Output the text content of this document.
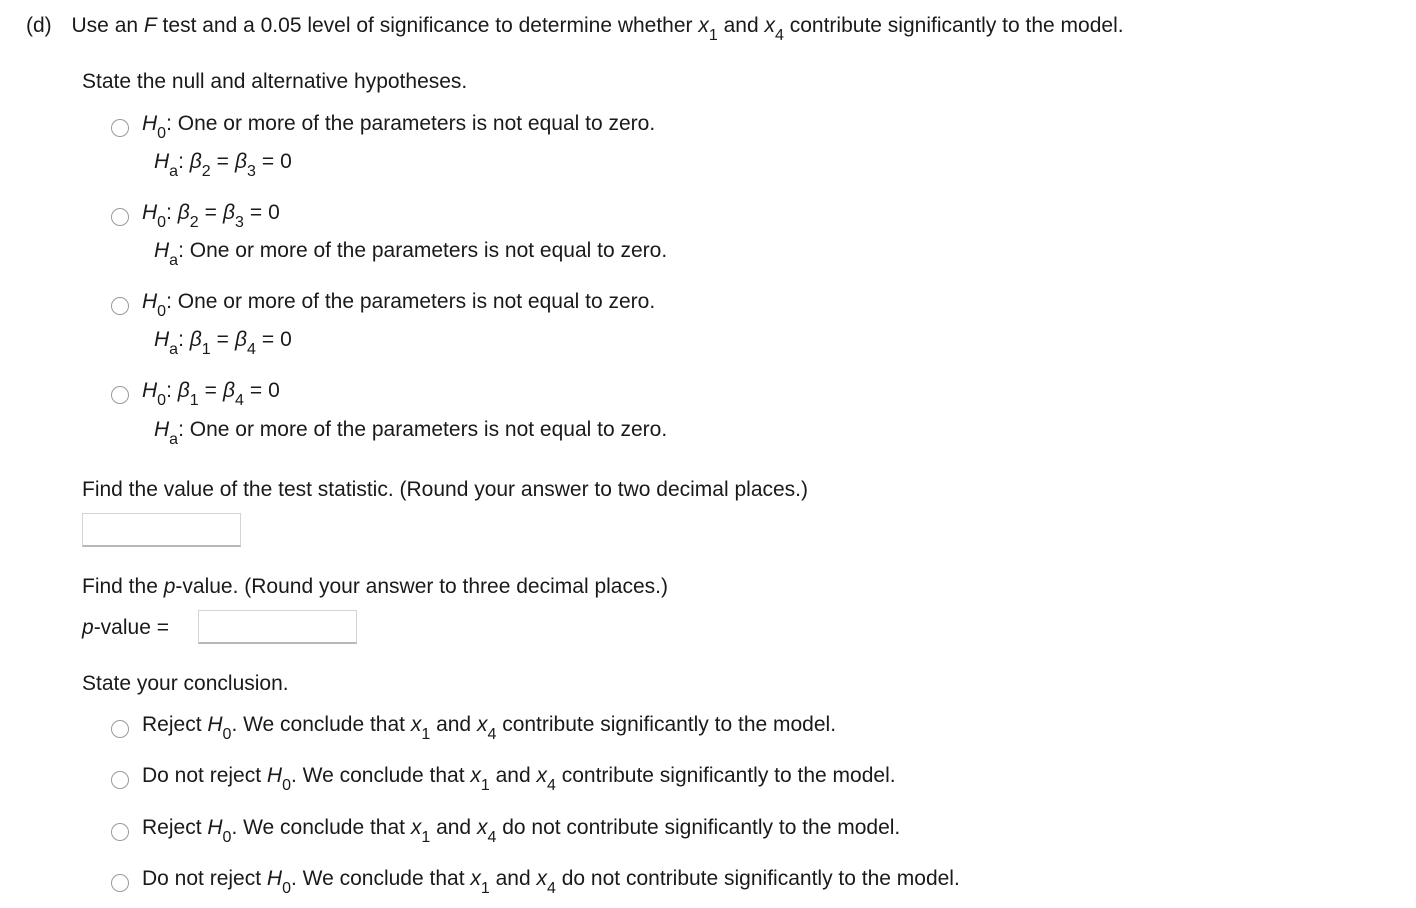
(d) Use an F test and a 0.05 level of significance to determine whether $x_1$ and $x_4$ contribute significantly to the model.
State the null and alternative hypotheses.
$H_0$: One or more of the parameters is not equal to zero.
$H_a$: $\beta_2 = \beta_3 = 0$
$H_0$: $\beta_2 = \beta_3 = 0$
$H_a$: One or more of the parameters is not equal to zero.
$H_0$: One or more of the parameters is not equal to zero.
$H_a$: $\beta_1 = \beta_4 = 0$
$H_0$: $\beta_1 = \beta_4 = 0$
$H_a$: One or more of the parameters is not equal to zero.
Find the value of the test statistic. (Round your answer to two decimal places.)
Find the p-value. (Round your answer to three decimal places.)
p-value =
State your conclusion.
Reject $H_0$. We conclude that $x_1$ and $x_4$ contribute significantly to the model.
Do not reject $H_0$. We conclude that $x_1$ and $x_4$ contribute significantly to the model.
Reject $H_0$. We conclude that $x_1$ and $x_4$ do not contribute significantly to the model.
Do not reject $H_0$. We conclude that $x_1$ and $x_4$ do not contribute significantly to the model.
